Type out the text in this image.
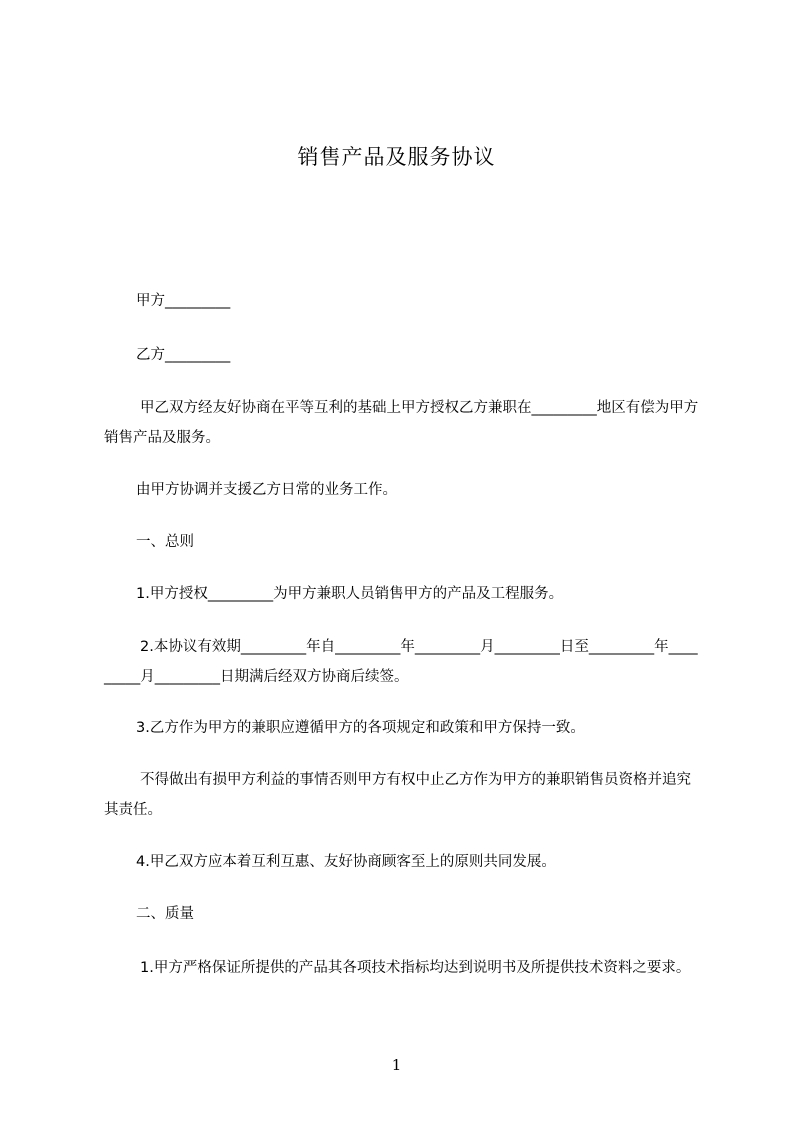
销售产品及服务协议
甲方_________
乙方_________
甲乙双方经友好协商在平等互利的基础上甲方授权乙方兼职在_________地区有偿为甲方销售产品及服务。
由甲方协调并支援乙方日常的业务工作。
一、总则
1.甲方授权_________为甲方兼职人员销售甲方的产品及工程服务。
2.本协议有效期_________年自_________年_________月_________日至_________年_________月_________日期满后经双方协商后续签。
3.乙方作为甲方的兼职应遵循甲方的各项规定和政策和甲方保持一致。
不得做出有损甲方利益的事情否则甲方有权中止乙方作为甲方的兼职销售员资格并追究其责任。
4.甲乙双方应本着互利互惠、友好协商顾客至上的原则共同发展。
二、质量
1.甲方严格保证所提供的产品其各项技术指标均达到说明书及所提供技术资料之要求。
1
